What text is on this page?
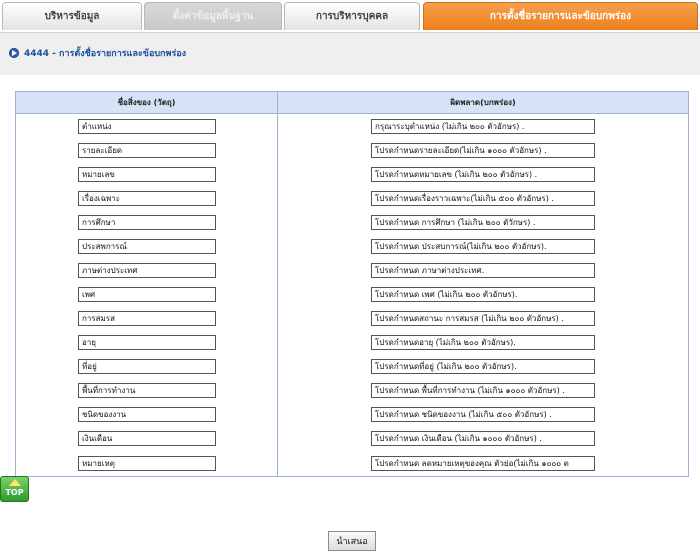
บริหารข้อมูล	ตั้งค่าข้อมูลพื้นฐาน	การบริหารบุคคล	การตั้งชื่อรายการและข้อบกพร่อง
4444 - การตั้งชื่อรายการและข้อบกพร่อง
ชื่อสิ่งของ (วัตถุ)	ผิดพลาด(บกพร่อง)

ตำแหน่ง	
กรุณาระบุตำแหน่ง (ไม่เกิน ๒๐๐ ตัวอักษร) .

รายละเอียด	
โปรดกำหนดรายละเอียด(ไม่เกิน ๑๐๐๐ ตัวอักษร) .

หมายเลข	
โปรดกำหนดหมายเลข (ไม่เกิน ๒๐๐ ตัวอักษร) .

เรื่องเฉพาะ	
โปรดกำหนดเรื่องราวเฉพาะ(ไม่เกิน ๕๐๐ ตัวอักษร) .

การศึกษา	
โปรดกำหนด การศึกษา (ไม่เกิน ๒๐๐ ตัวักษร) .

ประสพการณ์	
โปรดกำหนด ประสบการณ์(ไม่เกิน ๒๐๐ ตัวอักษร).

ภาษต่างประเทศ	
โปรดกำหนด ภาษาต่างประเทศ.

เพศ	
โปรดกำหนด เพศ (ไม่เกิน ๒๐๐ ตัวอักษร).

การสมรส	
โปรดกำหนดสถานะ การสมรส (ไม่เกิน ๒๐๐ ตัวอักษร) .

อายุ	
โปรดกำหนดอายุ (ไม่เกิน ๒๐๐ ตัวอักษร).

ที่อยู่	
โปรดกำหนดที่อยู่ (ไม่เกิน ๒๐๐ ตัวอักษร).

พื้นที่การทำงาน	
โปรดกำหนด พื้นที่การทำงาน (ไม่เกิน ๑๐๐๐ ตัวอักษร) .

ชนิดของงาน	
โปรดกำหนด ชนิดของงาน (ไม่เกิน ๕๐๐ ตัวอักษร) .

เงินเดือน	
โปรดกำหนด เงินเดือน (ไม่เกิน ๑๐๐๐ ตัวอักษร) .

หมายเหตุ	
โปรดกำหนด ลดหมายเหตุของคุณ ตัวย่อ(ไม่เกิน ๑๐๐๐ ต
นำเสนอ
TOP
